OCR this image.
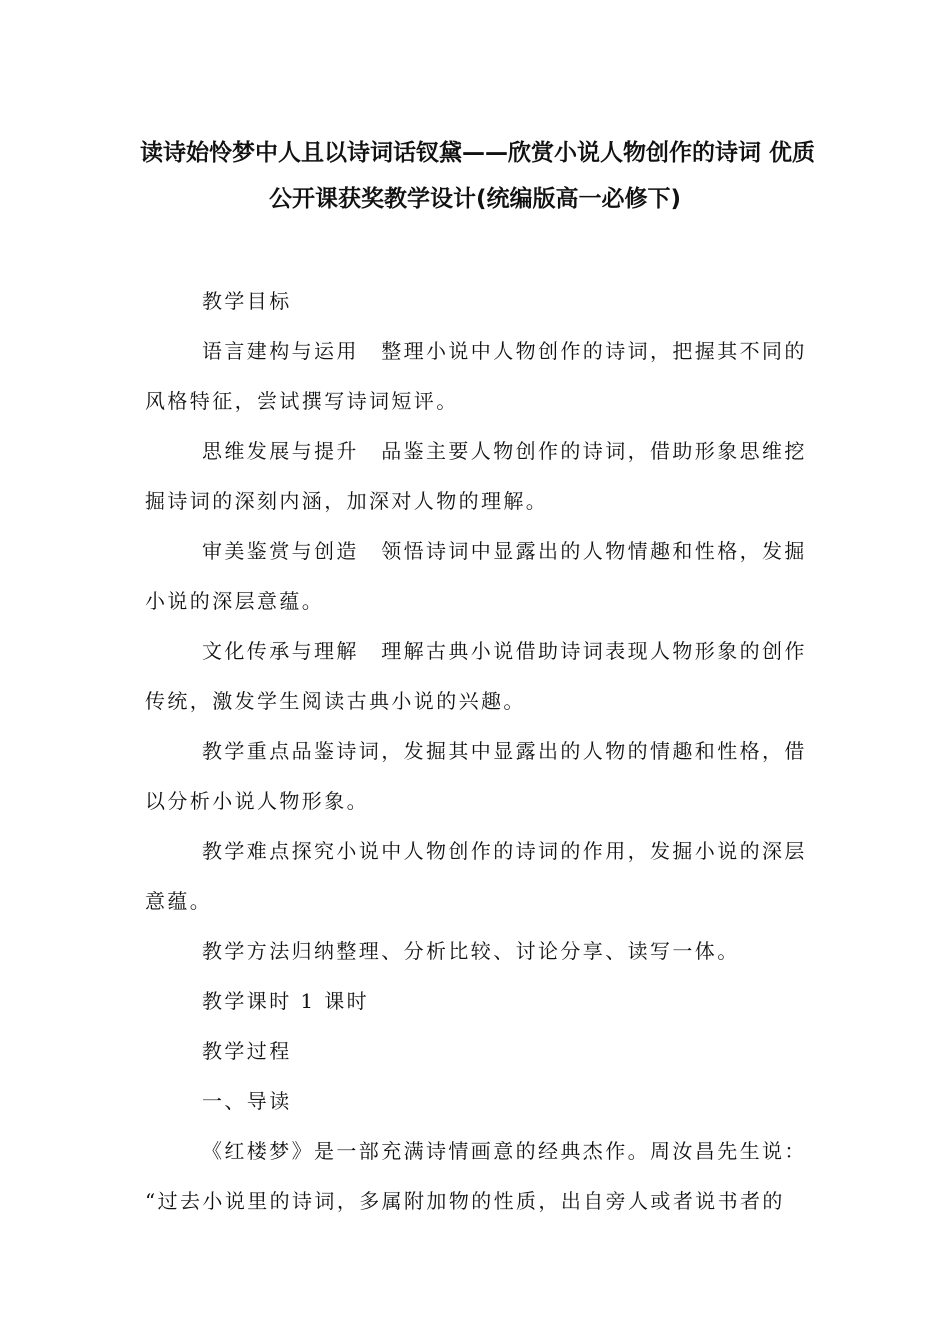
读诗始怜梦中人且以诗词话钗黛——欣赏小说人物创作的诗词 优质
公开课获奖教学设计(统编版高一必修下)
教学目标
语言建构与运用　整理小说中人物创作的诗词，把握其不同的
风格特征，尝试撰写诗词短评。
思维发展与提升　品鉴主要人物创作的诗词，借助形象思维挖
掘诗词的深刻内涵，加深对人物的理解。
审美鉴赏与创造　领悟诗词中显露出的人物情趣和性格，发掘
小说的深层意蕴。
文化传承与理解　理解古典小说借助诗词表现人物形象的创作
传统，激发学生阅读古典小说的兴趣。
教学重点品鉴诗词，发掘其中显露出的人物的情趣和性格，借
以分析小说人物形象。
教学难点探究小说中人物创作的诗词的作用，发掘小说的深层
意蕴。
教学方法归纳整理、分析比较、讨论分享、读写一体。
教学课时 1 课时
教学过程
一、导读
《红楼梦》是一部充满诗情画意的经典杰作。周汝昌先生说：
“过去小说里的诗词，多属附加物的性质，出自旁人或者说书者的
